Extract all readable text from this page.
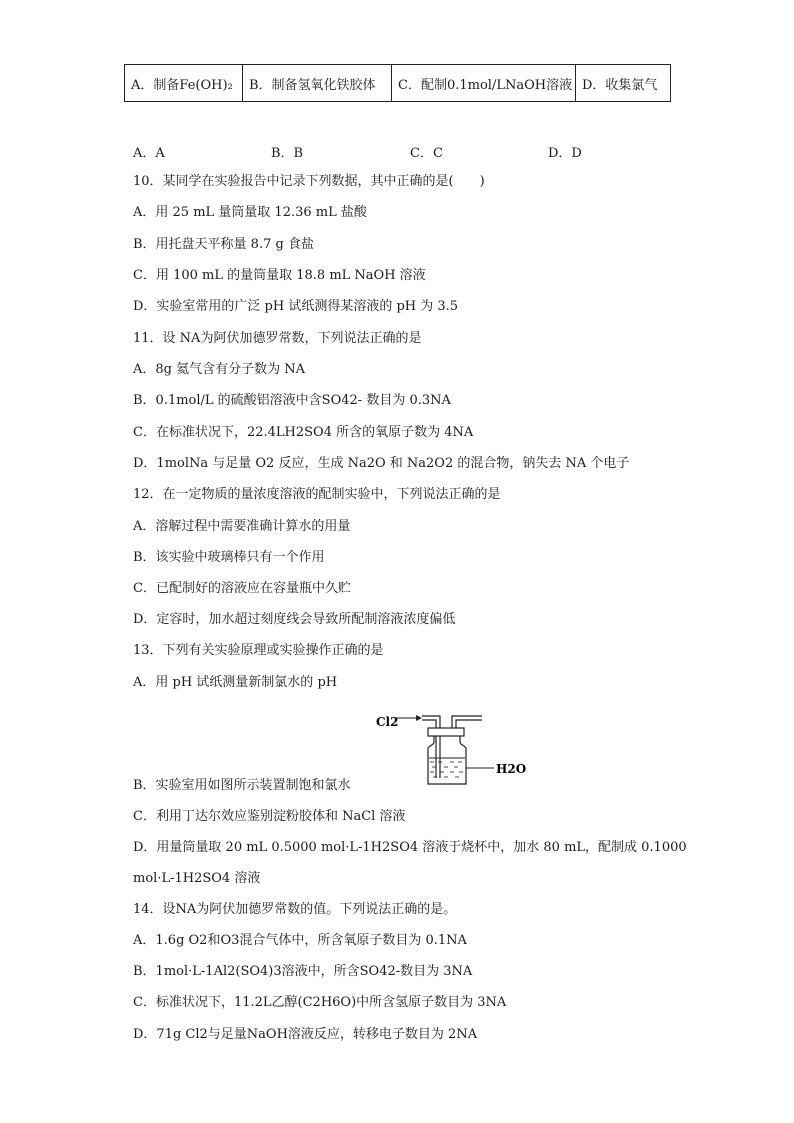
A．制备Fe(OH)₂	B．制备氢氧化铁胶体	C．配制0.1mol/LNaOH溶液	D．收集氯气
A．A	B．B	C．C	D．D
10．某同学在实验报告中记录下列数据，其中正确的是(　　)
A．用 25 mL 量筒量取 12.36 mL 盐酸
B．用托盘天平称量 8.7 g 食盐
C．用 100 mL 的量筒量取 18.8 mL NaOH 溶液
D．实验室常用的广泛 pH 试纸测得某溶液的 pH 为 3.5
11．设 NA为阿伏加德罗常数，下列说法正确的是
A．8g 氦气含有分子数为 NA
B．0.1mol/L 的硫酸铝溶液中含SO42- 数目为 0.3NA
C．在标准状况下，22.4LH2SO4 所含的氧原子数为 4NA
D．1molNa 与足量 O2 反应，生成 Na2O 和 Na2O2 的混合物，钠失去 NA 个电子
12．在一定物质的量浓度溶液的配制实验中，下列说法正确的是
A．溶解过程中需要准确计算水的用量
B．该实验中玻璃棒只有一个作用
C．已配制好的溶液应在容量瓶中久贮
D．定容时，加水超过刻度线会导致所配制溶液浓度偏低
13．下列有关实验原理或实验操作正确的是
A．用 pH 试纸测量新制氯水的 pH
Cl2
H2O
B．实验室用如图所示装置制饱和氯水
C．利用丁达尔效应鉴别淀粉胶体和 NaCl 溶液
D．用量筒量取 20 mL 0.5000 mol·L-1H2SO4 溶液于烧杯中，加水 80 mL，配制成 0.1000
mol·L-1H2SO4 溶液
14．设NA为阿伏加德罗常数的值。下列说法正确的是。
A．1.6g O2和O3混合气体中，所含氧原子数目为 0.1NA
B．1mol·L-1Al2(SO4)3溶液中，所含SO42-数目为 3NA
C．标准状况下，11.2L乙醇(C2H6O)中所含氢原子数目为 3NA
D．71g Cl2与足量NaOH溶液反应，转移电子数目为 2NA
